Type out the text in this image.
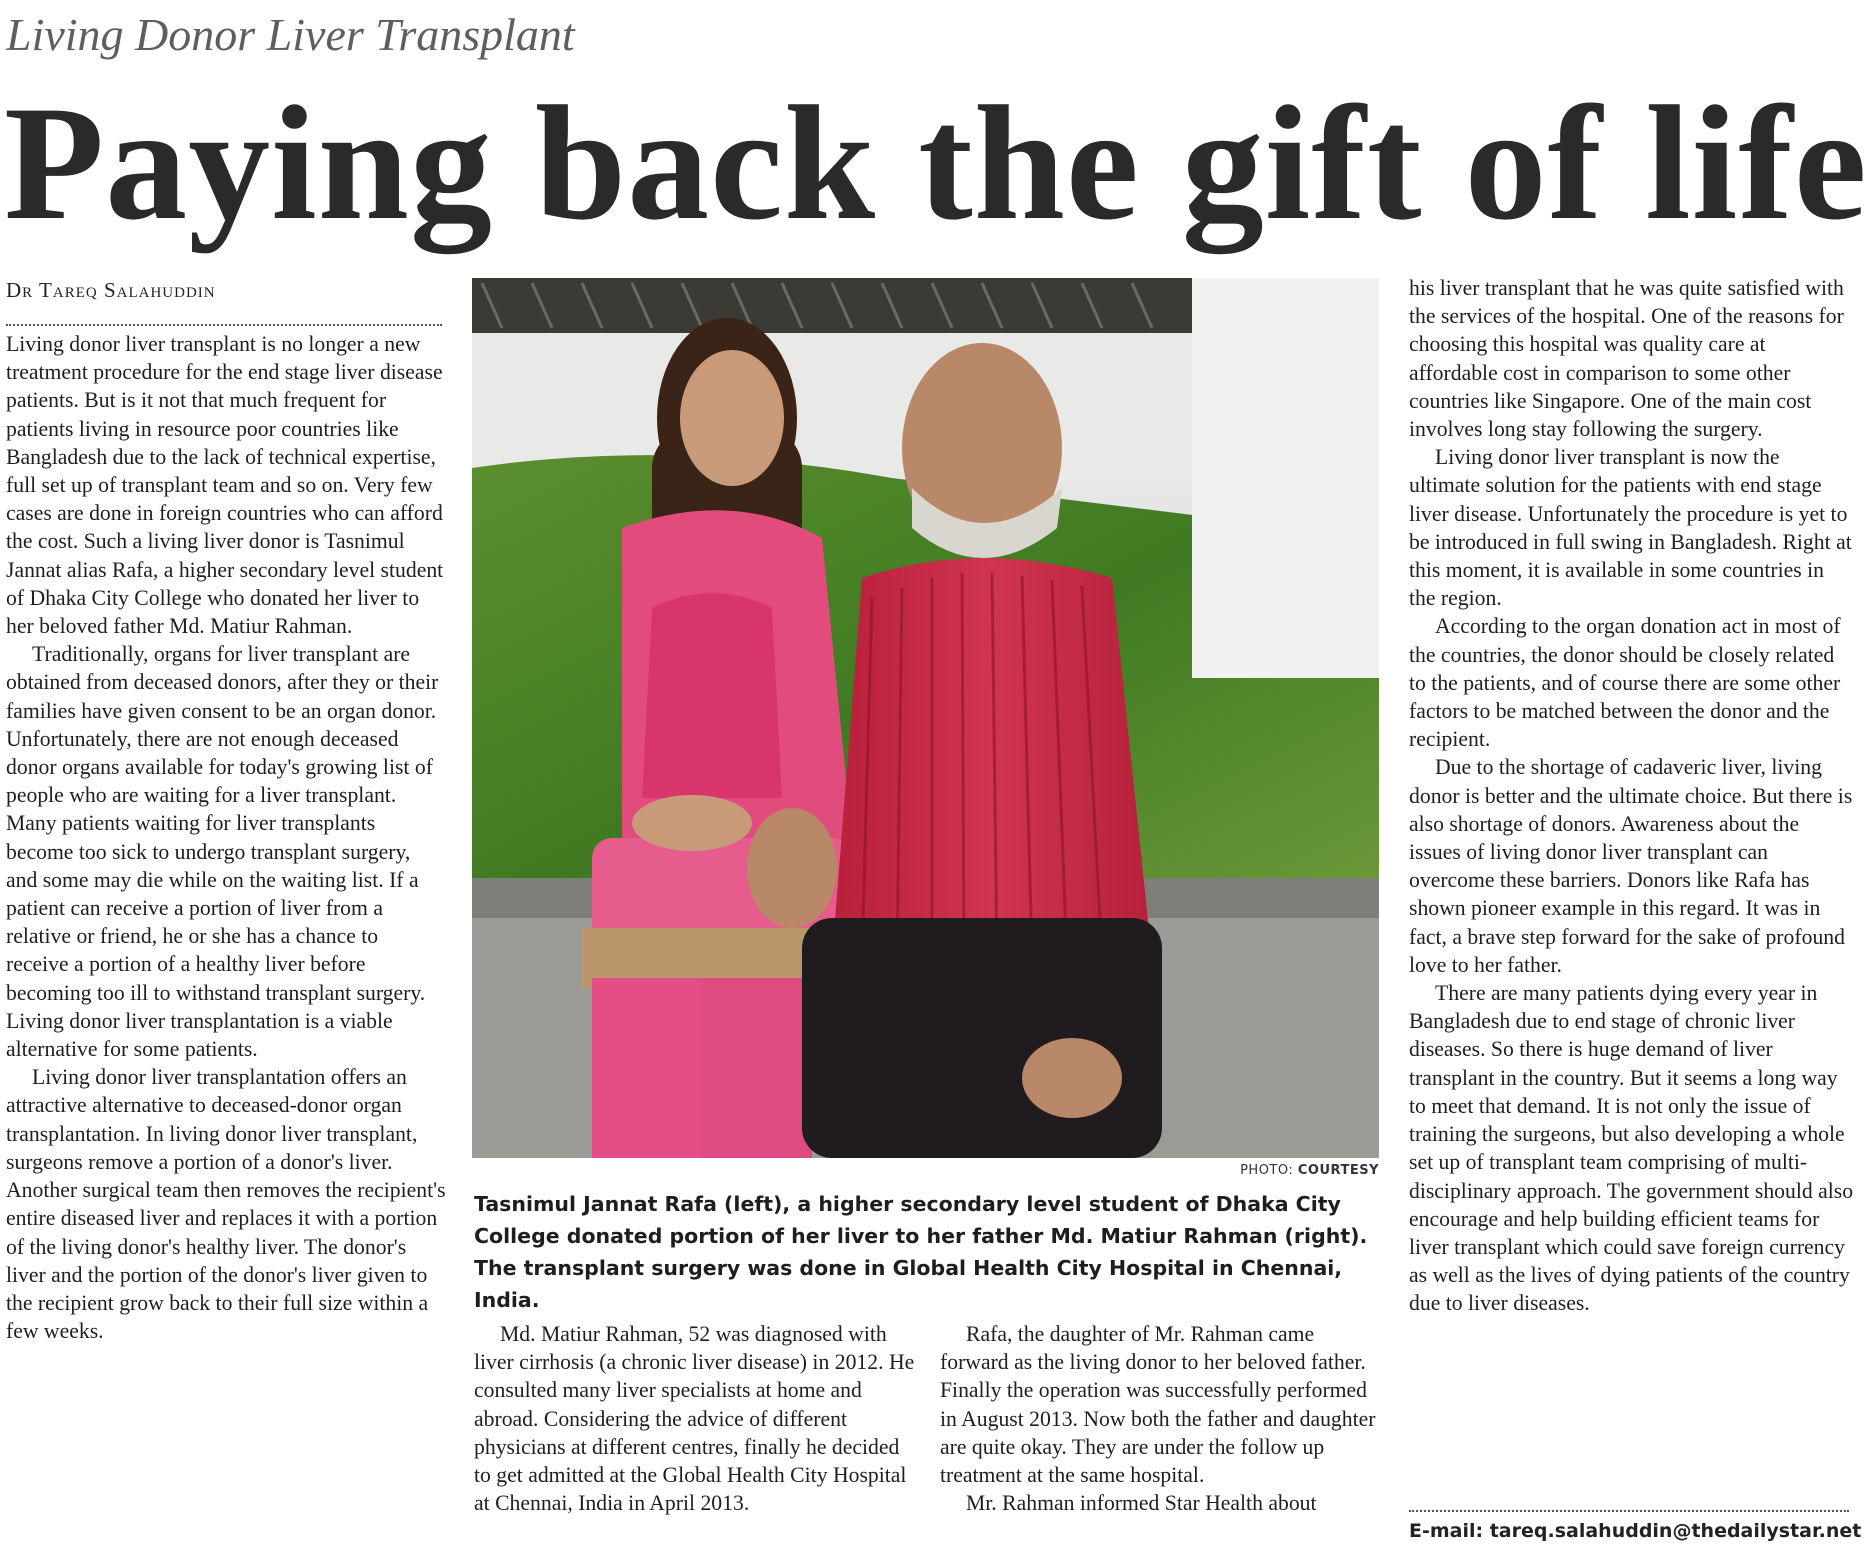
Living Donor Liver Transplant
Paying back the gift of life
Dr Tareq Salahuddin

Living donor liver transplant is no longer a new treatment procedure for the end stage liver disease patients. But is it not that much frequent for patients living in resource poor countries like Bangladesh due to the lack of technical expertise, full set up of transplant team and so on. Very few cases are done in foreign countries who can afford the cost. Such a living liver donor is Tasnimul Jannat alias Rafa, a higher secondary level student of Dhaka City College who donated her liver to her beloved father Md. Matiur Rahman.

Traditionally, organs for liver transplant are obtained from deceased donors, after they or their families have given consent to be an organ donor. Unfortunately, there are not enough deceased donor organs available for today's growing list of people who are waiting for a liver transplant. Many patients waiting for liver transplants become too sick to undergo transplant surgery, and some may die while on the waiting list. If a patient can receive a portion of liver from a relative or friend, he or she has a chance to receive a portion of a healthy liver before becoming too ill to withstand transplant surgery. Living donor liver transplantation is a viable alternative for some patients.

Living donor liver transplantation offers an attractive alternative to deceased-donor organ transplantation. In living donor liver transplant, surgeons remove a portion of a donor's liver. Another surgical team then removes the recipient's entire diseased liver and replaces it with a portion of the living donor's healthy liver. The donor's liver and the portion of the donor's liver given to the recipient grow back to their full size within a few weeks.

PHOTO: COURTESY
Tasnimul Jannat Rafa (left), a higher secondary level student of Dhaka City College donated portion of her liver to her father Md. Matiur Rahman (right). The transplant surgery was done in Global Health City Hospital in Chennai, India.

Md. Matiur Rahman, 52 was diagnosed with liver cirrhosis (a chronic liver disease) in 2012. He consulted many liver specialists at home and abroad. Considering the advice of different physicians at different centres, finally he decided to get admitted at the Global Health City Hospital at Chennai, India in April 2013.

Rafa, the daughter of Mr. Rahman came forward as the living donor to her beloved father. Finally the operation was successfully performed in August 2013. Now both the father and daughter are quite okay. They are under the follow up treatment at the same hospital.

Mr. Rahman informed Star Health about

his liver transplant that he was quite satisfied with the services of the hospital. One of the reasons for choosing this hospital was quality care at affordable cost in comparison to some other countries like Singapore. One of the main cost involves long stay following the surgery.

Living donor liver transplant is now the ultimate solution for the patients with end stage liver disease. Unfortunately the procedure is yet to be introduced in full swing in Bangladesh. Right at this moment, it is available in some countries in the region.

According to the organ donation act in most of the countries, the donor should be closely related to the patients, and of course there are some other factors to be matched between the donor and the recipient.

Due to the shortage of cadaveric liver, living donor is better and the ultimate choice. But there is also shortage of donors. Awareness about the issues of living donor liver transplant can overcome these barriers. Donors like Rafa has shown pioneer example in this regard. It was in fact, a brave step forward for the sake of profound love to her father.

There are many patients dying every year in Bangladesh due to end stage of chronic liver diseases. So there is huge demand of liver transplant in the country. But it seems a long way to meet that demand. It is not only the issue of training the surgeons, but also developing a whole set up of transplant team comprising of multi-disciplinary approach. The government should also encourage and help building efficient teams for liver transplant which could save foreign currency as well as the lives of dying patients of the country due to liver diseases.

E-mail: tareq.salahuddin@thedailystar.net
